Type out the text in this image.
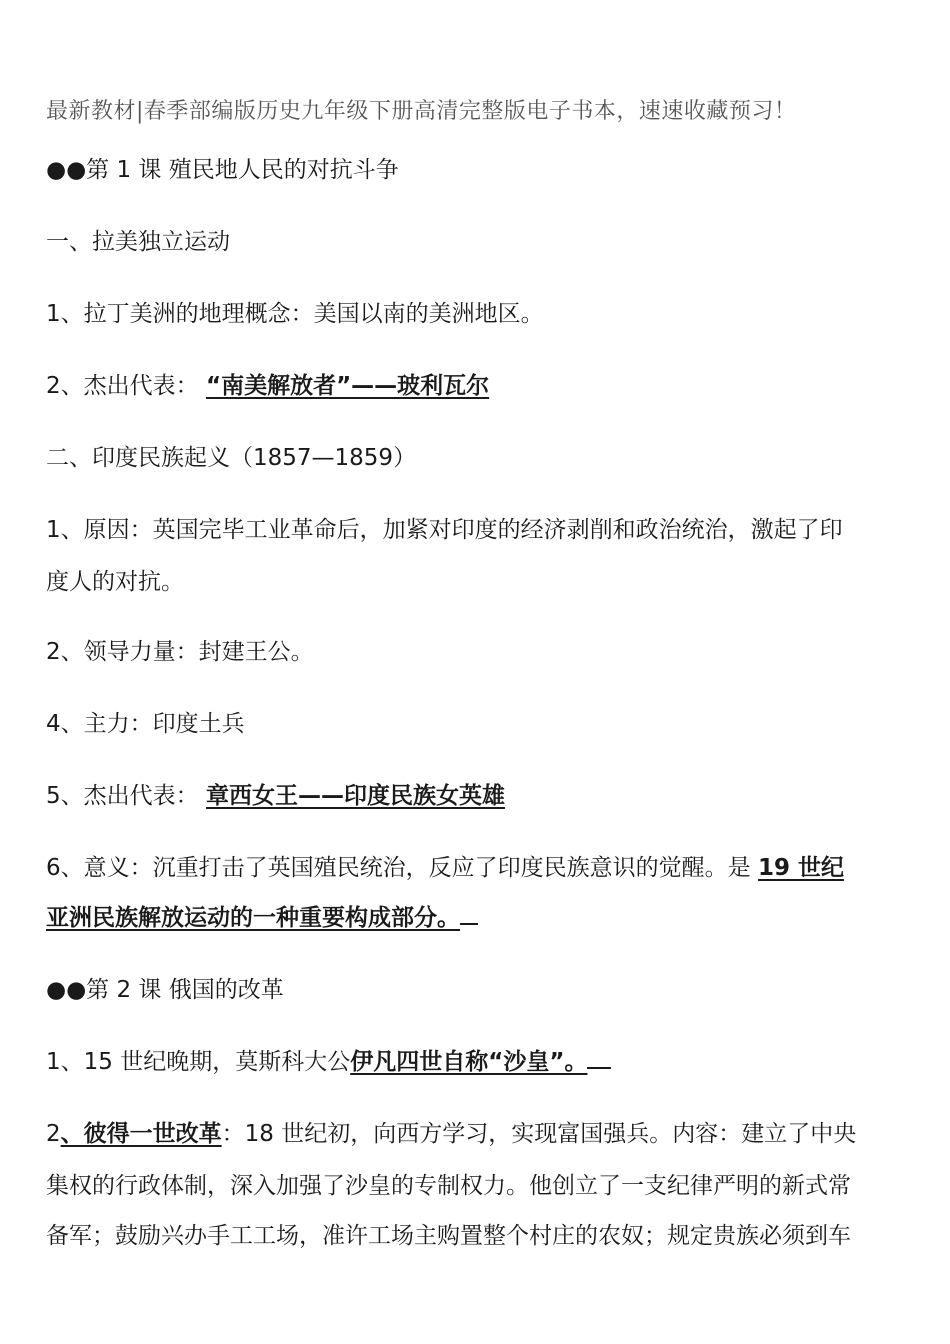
最新教材|春季部编版历史九年级下册高清完整版电子书本，速速收藏预习！
●●第 1 课 殖民地人民的对抗斗争
一、拉美独立运动
1、拉丁美洲的地理概念：美国以南的美洲地区。
2、杰出代表： “南美解放者”——玻利瓦尔
二、印度民族起义（1857—1859）
1、原因：英国完毕工业革命后，加紧对印度的经济剥削和政治统治，激起了印
度人的对抗。
2、领导力量：封建王公。
4、主力：印度土兵
5、杰出代表： 章西女王——印度民族女英雄
6、意义：沉重打击了英国殖民统治，反应了印度民族意识的觉醒。是 19 世纪
亚洲民族解放运动的一种重要构成部分。
●●第 2 课 俄国的改革
1、15 世纪晚期，莫斯科大公伊凡四世自称“沙皇”。
2、彼得一世改革：18 世纪初，向西方学习，实现富国强兵。内容：建立了中央
集权的行政体制，深入加强了沙皇的专制权力。他创立了一支纪律严明的新式常
备军；鼓励兴办手工工场，准许工场主购置整个村庄的农奴；规定贵族必须到车
